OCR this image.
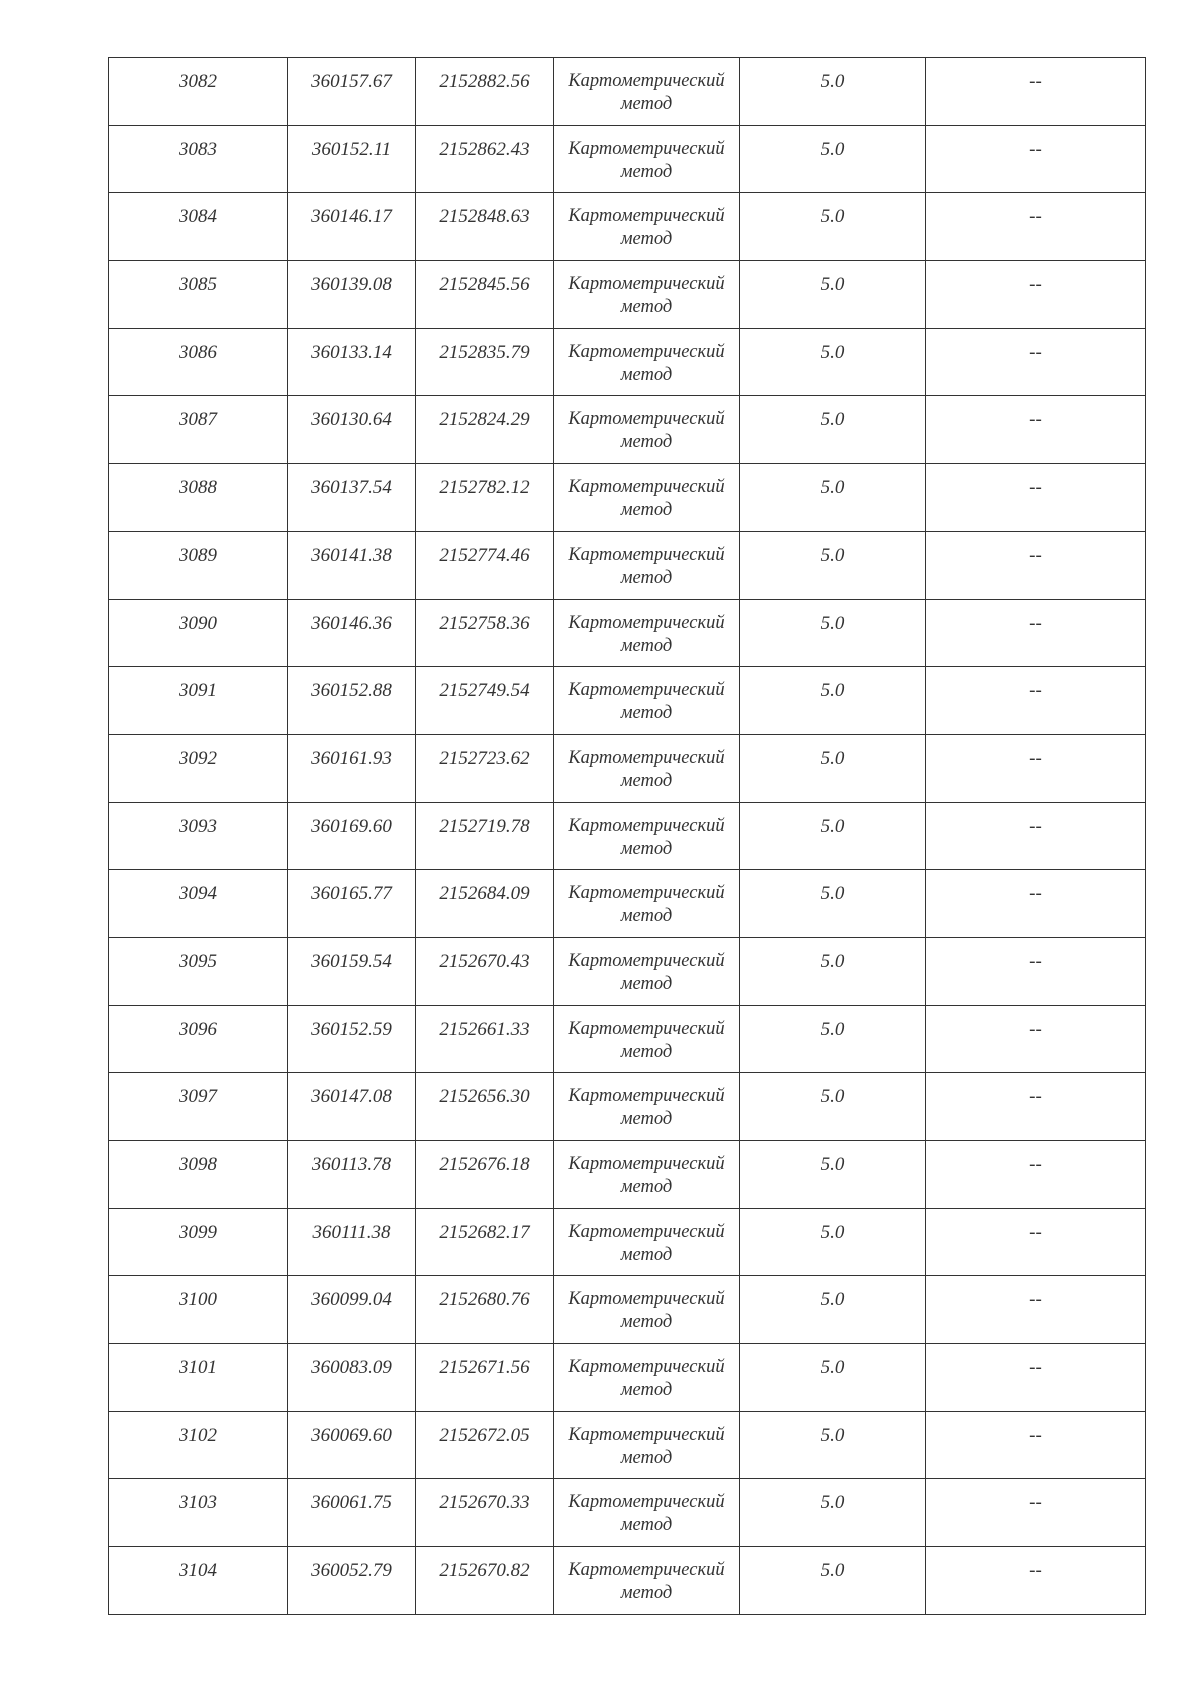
3082	360157.67	2152882.56	Картометрический
метод	5.0	--

3083	360152.11	2152862.43	Картометрический
метод	5.0	--

3084	360146.17	2152848.63	Картометрический
метод	5.0	--

3085	360139.08	2152845.56	Картометрический
метод	5.0	--

3086	360133.14	2152835.79	Картометрический
метод	5.0	--

3087	360130.64	2152824.29	Картометрический
метод	5.0	--

3088	360137.54	2152782.12	Картометрический
метод	5.0	--

3089	360141.38	2152774.46	Картометрический
метод	5.0	--

3090	360146.36	2152758.36	Картометрический
метод	5.0	--

3091	360152.88	2152749.54	Картометрический
метод	5.0	--

3092	360161.93	2152723.62	Картометрический
метод	5.0	--

3093	360169.60	2152719.78	Картометрический
метод	5.0	--

3094	360165.77	2152684.09	Картометрический
метод	5.0	--

3095	360159.54	2152670.43	Картометрический
метод	5.0	--

3096	360152.59	2152661.33	Картометрический
метод	5.0	--

3097	360147.08	2152656.30	Картометрический
метод	5.0	--

3098	360113.78	2152676.18	Картометрический
метод	5.0	--

3099	360111.38	2152682.17	Картометрический
метод	5.0	--

3100	360099.04	2152680.76	Картометрический
метод	5.0	--

3101	360083.09	2152671.56	Картометрический
метод	5.0	--

3102	360069.60	2152672.05	Картометрический
метод	5.0	--

3103	360061.75	2152670.33	Картометрический
метод	5.0	--

3104	360052.79	2152670.82	Картометрический
метод	5.0	--
